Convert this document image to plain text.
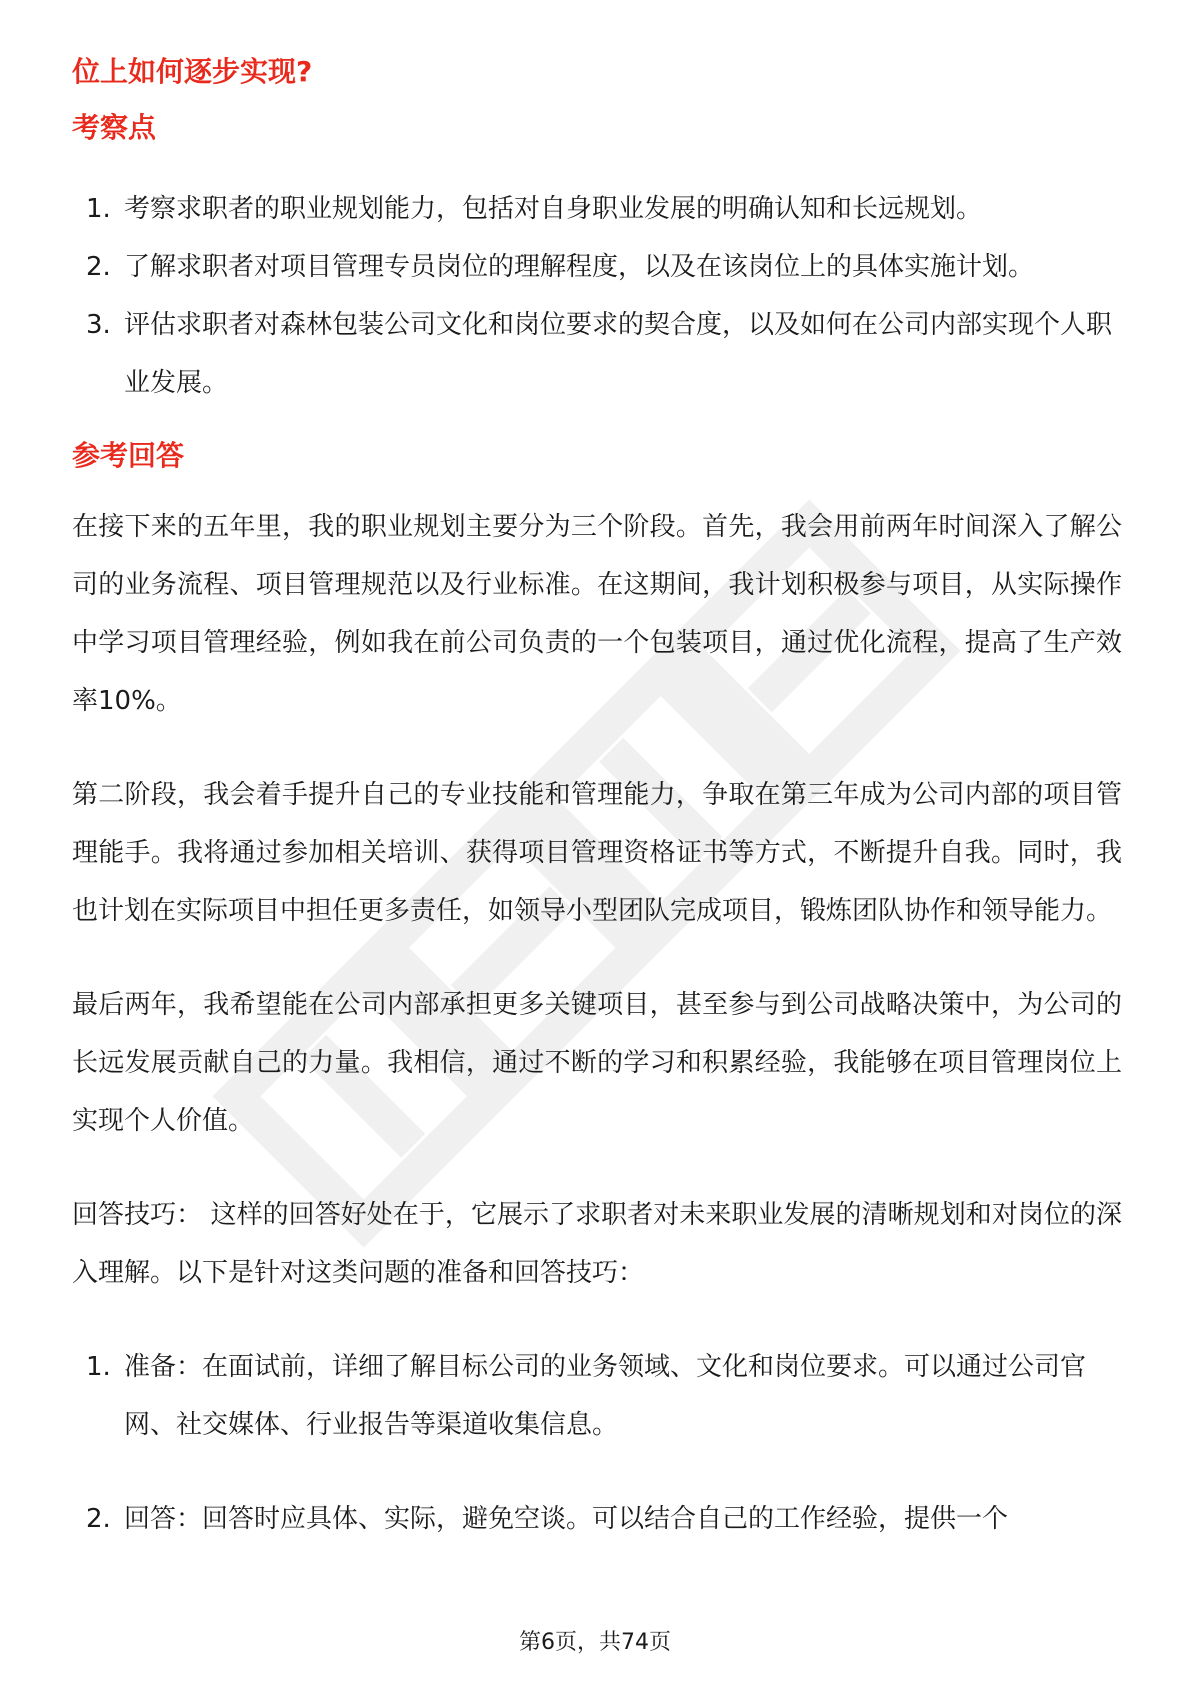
位上如何逐步实现?

考察点

1. 考察求职者的职业规划能力，包括对自身职业发展的明确认知和长远规划。
2. 了解求职者对项目管理专员岗位的理解程度，以及在该岗位上的具体实施计划。
3. 评估求职者对森林包装公司文化和岗位要求的契合度，以及如何在公司内部实现个人职业发展。

参考回答

在接下来的五年里，我的职业规划主要分为三个阶段。首先，我会用前两年时间深入了解公司的业务流程、项目管理规范以及行业标准。在这期间，我计划积极参与项目，从实际操作中学习项目管理经验，例如我在前公司负责的一个包装项目，通过优化流程，提高了生产效率10%。

第二阶段，我会着手提升自己的专业技能和管理能力，争取在第三年成为公司内部的项目管理能手。我将通过参加相关培训、获得项目管理资格证书等方式，不断提升自我。同时，我也计划在实际项目中担任更多责任，如领导小型团队完成项目，锻炼团队协作和领导能力。

最后两年，我希望能在公司内部承担更多关键项目，甚至参与到公司战略决策中，为公司的长远发展贡献自己的力量。我相信，通过不断的学习和积累经验，我能够在项目管理岗位上实现个人价值。

回答技巧： 这样的回答好处在于，它展示了求职者对未来职业发展的清晰规划和对岗位的深入理解。以下是针对这类问题的准备和回答技巧：

1. 准备：在面试前，详细了解目标公司的业务领域、文化和岗位要求。可以通过公司官网、社交媒体、行业报告等渠道收集信息。
2. 回答：回答时应具体、实际，避免空谈。可以结合自己的工作经验，提供一个
第6页，共74页
